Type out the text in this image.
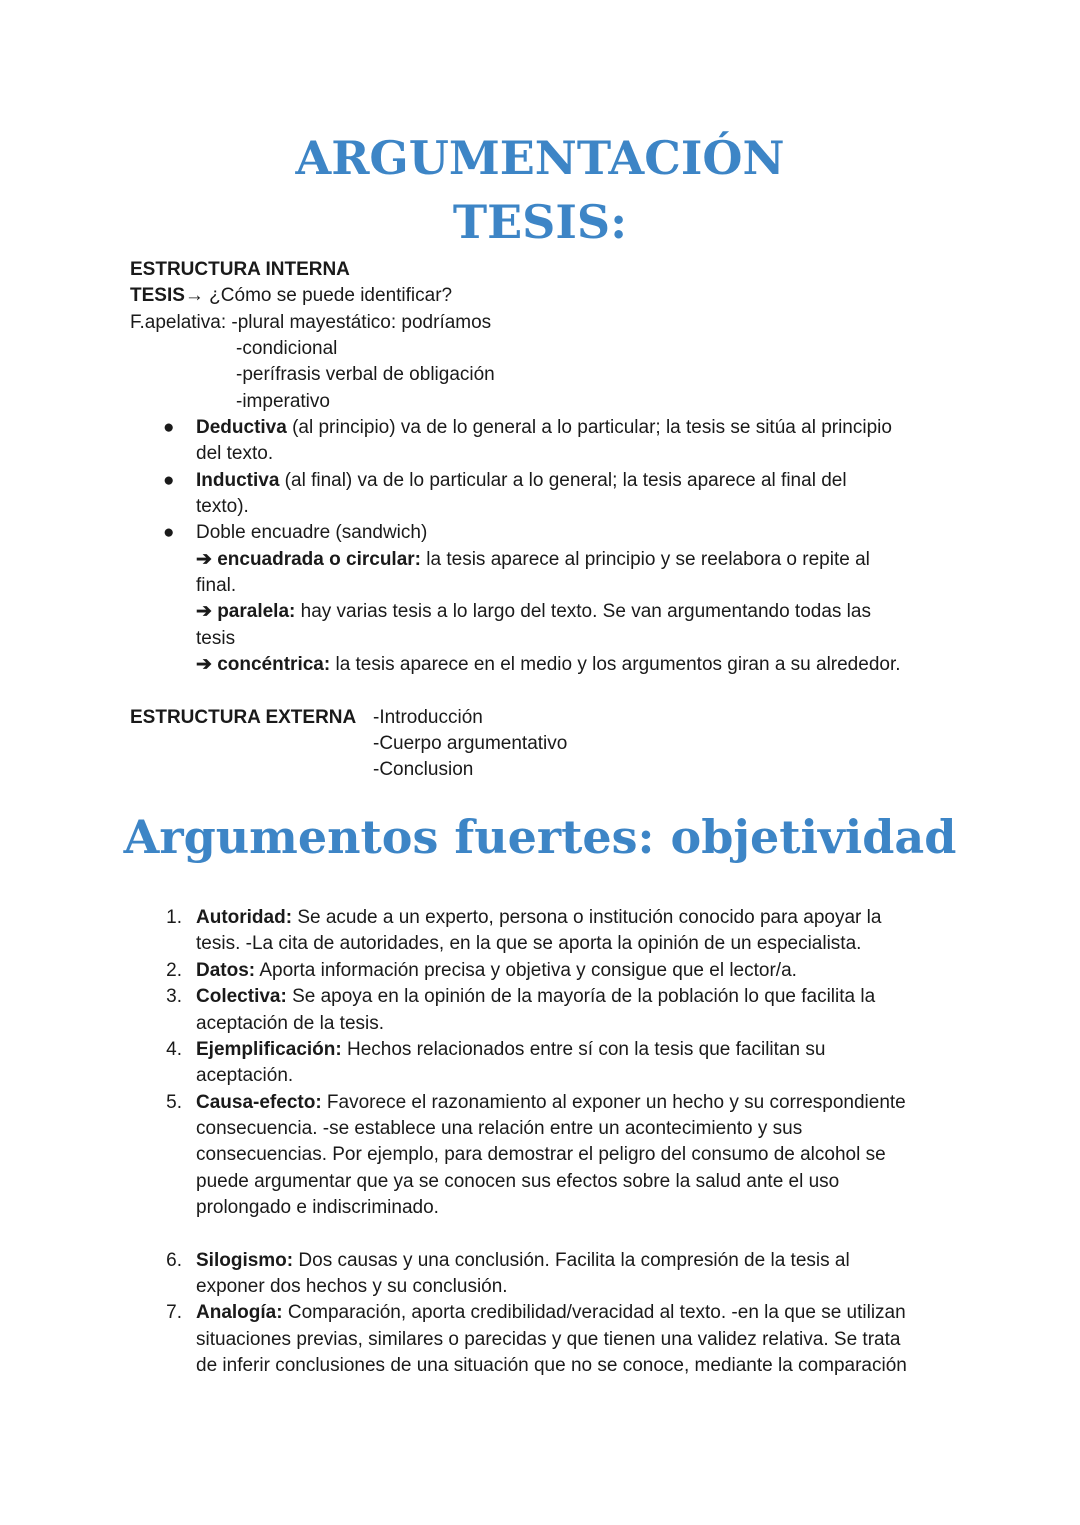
ARGUMENTACIÓN
TESIS:
ESTRUCTURA INTERNA
TESIS→ ¿Cómo se puede identificar?
F.apelativa: -plural mayestático: podríamos
-condicional
-perífrasis verbal de obligación
-imperativo
● Deductiva (al principio) va de lo general a lo particular; la tesis se sitúa al principio
del texto.
● Inductiva (al final) va de lo particular a lo general; la tesis aparece al final del
texto).
● Doble encuadre (sandwich)
➔ encuadrada o circular: la tesis aparece al principio y se reelabora o repite al
final.
➔ paralela: hay varias tesis a lo largo del texto. Se van argumentando todas las
tesis
➔ concéntrica: la tesis aparece en el medio y los argumentos giran a su alrededor.
ESTRUCTURA EXTERNA -Introducción
-Cuerpo argumentativo
-Conclusion
Argumentos fuertes: objetividad
1. Autoridad: Se acude a un experto, persona o institución conocido para apoyar la
tesis. -La cita de autoridades, en la que se aporta la opinión de un especialista.
2. Datos: Aporta información precisa y objetiva y consigue que el lector/a.
3. Colectiva: Se apoya en la opinión de la mayoría de la población lo que facilita la
aceptación de la tesis.
4. Ejemplificación: Hechos relacionados entre sí con la tesis que facilitan su
aceptación.
5. Causa-efecto: Favorece el razonamiento al exponer un hecho y su correspondiente
consecuencia. -se establece una relación entre un acontecimiento y sus
consecuencias. Por ejemplo, para demostrar el peligro del consumo de alcohol se
puede argumentar que ya se conocen sus efectos sobre la salud ante el uso
prolongado e indiscriminado.
6. Silogismo: Dos causas y una conclusión. Facilita la compresión de la tesis al
exponer dos hechos y su conclusión.
7. Analogía: Comparación, aporta credibilidad/veracidad al texto. -en la que se utilizan
situaciones previas, similares o parecidas y que tienen una validez relativa. Se trata
de inferir conclusiones de una situación que no se conoce, mediante la comparación
